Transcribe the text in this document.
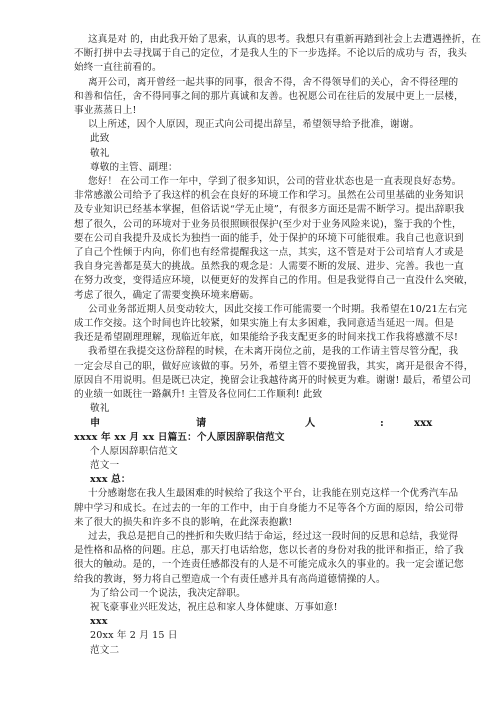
这真是对 的，由此我开始了思索，认真的思考。我想只有重新再踏到社会上去遭遇挫折，在
不断打拼中去寻找属于自己的定位，才是我人生的下一步选择。不论以后的成功与 否，我头
始终一直往前看的。
离开公司，离开曾经一起共事的同事，很舍不得，舍不得领导们的关心，舍不得径理的
和善和信任，舍不得同事之间的那片真诚和友善。也祝愿公司在往后的发展中更上一层楼，
事业蒸蒸日上!
以上所述，因个人原因，现正式向公司提出辞呈，希望领导给予批准，谢谢。
此致
敬礼
尊敬的主管、副理：
您好！ 在公司工作一年中，学到了很多知识，公司的营业状态也是一直表现良好态势。
非常感激公司给予了我这样的机会在良好的环境工作和学习。虽然在公司里基础的业务知识
及专业知识已经基本掌握，但俗话说“学无止境”，有很多方面还是需不断学习。提出辞职我
想了很久，公司的环境对于业务员很照顾很保护(至少对于业务风险来说)，鉴于我的个性，
要在公司自我提升及成长为独挡一面的能手，处于保护的环境下可能很难。我自己也意识到
了自己个性倾于内向，你们也有经常提醒我这一点，其实，这不管是对于公司培育人才或是
我自身完善都是莫大的挑战。虽然我的观念是：人需要不断的发展、进步、完善。我也一直
在努力改变，变得适应环境，以便更好的发挥自己的作用。但是我觉得自己一直没什么突破，
考虑了很久，确定了需要变换环境来磨砺。
公司业务部近期人员变动较大，因此交接工作可能需要一个时期。我希望在10/21左右完
成工作交接。这个时间也许比较紧，如果实施上有太多困难，我同意适当延迟一周。但是
我还是希望剧理理解，现临近年底，如果能给予我支配更多的时间来找工作我将感激不尽!
我希望在我提交这份辞程的时候，在未离开岗位之前，是我的工作请主管尽管分配，我
一定会尽自己的职，做好应该做的事。另外，希望主管不要挽留我，其实，离开是很舍不得，
原因自不用说明。但是既已决定，挽留会让我越待离开的时候更为难。谢谢! 最后，希望公司
的业绩一如既往一路飙升! 主管及各位同仁工作顺利! 此致
敬礼
申	请	人	:	xxx
xxxx 年 xx 月 xx 日篇五：个人原因辞职信范文
个人原因辞职信范文
范文一
xxx 总：
十分感谢您在我人生最困难的时候给了我这个平台，让我能在别克这样一个优秀汽车品
牌中学习和成长。在过去的一年的工作中，由于自身能力不足等各个方面的原因，给公司带
来了很大的损失和许多不良的影响，在此深表抱歉!
过去，我总是把自己的挫折和失败归结于命运，经过这一段时间的反思和总结，我觉得
是性格和品格的问题。庄总，那天打电话给您，您以长者的身份对我的批评和指正，给了我
很大的触动。是的，一个连责任感都没有的人是不可能完成永久的事业的。我一定会谨记您
给我的教诲，努力将自己塑造成一个有责任感并具有高尚道德情操的人。
为了给公司一个说法，我决定辞职。
祝飞豪事业兴旺发达，祝庄总和家人身体健康、万事如意!
xxx
20xx 年 2 月 15 日
范文二
